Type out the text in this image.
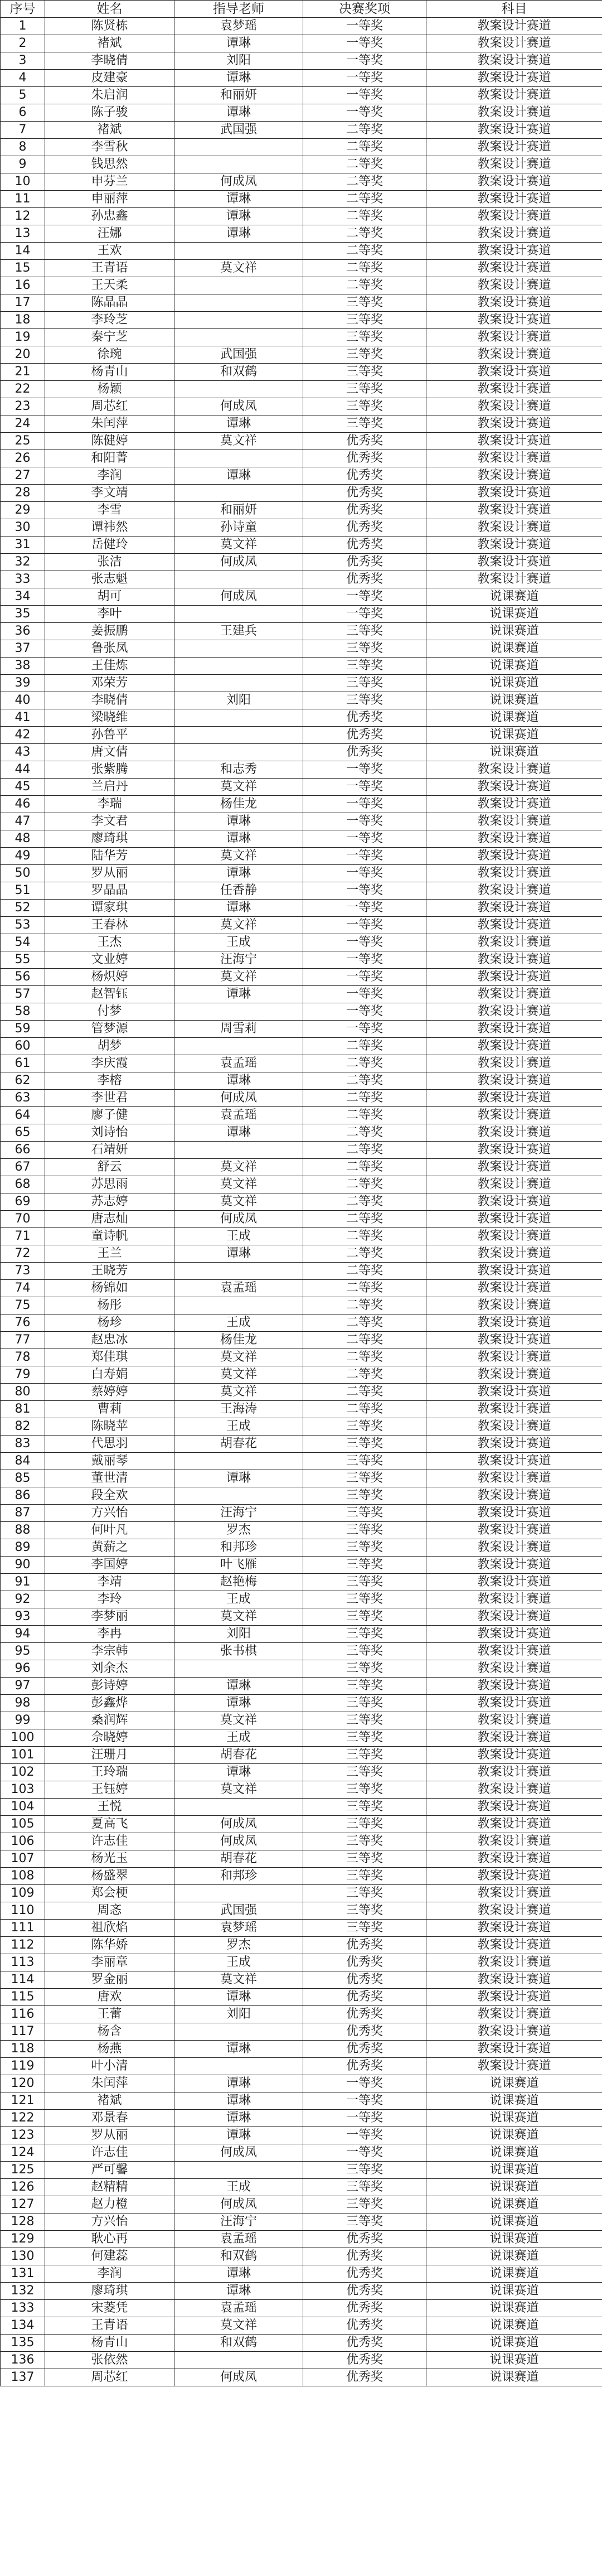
序号	姓名	指导老师	决赛奖项	科目
1	陈贤栋	袁梦瑶	一等奖	教案设计赛道
2	褚斌	谭琳	一等奖	教案设计赛道
3	李晓倩	刘阳	一等奖	教案设计赛道
4	皮建豪	谭琳	一等奖	教案设计赛道
5	朱启润	和丽妍	一等奖	教案设计赛道
6	陈子骏	谭琳	一等奖	教案设计赛道
7	褚斌	武国强	二等奖	教案设计赛道
8	李雪秋		二等奖	教案设计赛道
9	钱思然		二等奖	教案设计赛道
10	申芬兰	何成凤	二等奖	教案设计赛道
11	申丽萍	谭琳	二等奖	教案设计赛道
12	孙忠鑫	谭琳	二等奖	教案设计赛道
13	汪娜	谭琳	二等奖	教案设计赛道
14	王欢		二等奖	教案设计赛道
15	王青语	莫文祥	二等奖	教案设计赛道
16	王天柔		二等奖	教案设计赛道
17	陈晶晶		三等奖	教案设计赛道
18	李玲芝		三等奖	教案设计赛道
19	秦宁芝		三等奖	教案设计赛道
20	徐琬	武国强	三等奖	教案设计赛道
21	杨青山	和双鹤	三等奖	教案设计赛道
22	杨颖		三等奖	教案设计赛道
23	周芯红	何成凤	三等奖	教案设计赛道
24	朱闰萍	谭琳	三等奖	教案设计赛道
25	陈健婷	莫文祥	优秀奖	教案设计赛道
26	和阳菁		优秀奖	教案设计赛道
27	李润	谭琳	优秀奖	教案设计赛道
28	李文靖		优秀奖	教案设计赛道
29	李雪	和丽妍	优秀奖	教案设计赛道
30	谭祎然	孙诗童	优秀奖	教案设计赛道
31	岳健玲	莫文祥	优秀奖	教案设计赛道
32	张洁	何成凤	优秀奖	教案设计赛道
33	张志魁		优秀奖	教案设计赛道
34	胡可	何成凤	一等奖	说课赛道
35	李叶		一等奖	说课赛道
36	姜振鹏	王建兵	三等奖	说课赛道
37	鲁张凤		三等奖	说课赛道
38	王佳炼		三等奖	说课赛道
39	邓荣芳		三等奖	说课赛道
40	李晓倩	刘阳	三等奖	说课赛道
41	梁晓维		优秀奖	说课赛道
42	孙鲁平		优秀奖	说课赛道
43	唐文倩		优秀奖	说课赛道
44	张紫腾	和志秀	一等奖	教案设计赛道
45	兰启丹	莫文祥	一等奖	教案设计赛道
46	李瑞	杨佳龙	一等奖	教案设计赛道
47	李文君	谭琳	一等奖	教案设计赛道
48	廖琦琪	谭琳	一等奖	教案设计赛道
49	陆华芳	莫文祥	一等奖	教案设计赛道
50	罗从丽	谭琳	一等奖	教案设计赛道
51	罗晶晶	任香静	一等奖	教案设计赛道
52	谭家琪	谭琳	一等奖	教案设计赛道
53	王春林	莫文祥	一等奖	教案设计赛道
54	王杰	王成	一等奖	教案设计赛道
55	文业婷	汪海宁	一等奖	教案设计赛道
56	杨炽婷	莫文祥	一等奖	教案设计赛道
57	赵智钰	谭琳	一等奖	教案设计赛道
58	付梦		一等奖	教案设计赛道
59	管梦源	周雪莉	一等奖	教案设计赛道
60	胡梦		二等奖	教案设计赛道
61	李庆霞	袁孟瑶	二等奖	教案设计赛道
62	李榕	谭琳	二等奖	教案设计赛道
63	李世君	何成凤	二等奖	教案设计赛道
64	廖子健	袁孟瑶	二等奖	教案设计赛道
65	刘诗怡	谭琳	二等奖	教案设计赛道
66	石靖妍		二等奖	教案设计赛道
67	舒云	莫文祥	二等奖	教案设计赛道
68	苏思雨	莫文祥	二等奖	教案设计赛道
69	苏志婷	莫文祥	二等奖	教案设计赛道
70	唐志灿	何成凤	二等奖	教案设计赛道
71	童诗帆	王成	二等奖	教案设计赛道
72	王兰	谭琳	二等奖	教案设计赛道
73	王晓芳		二等奖	教案设计赛道
74	杨锦如	袁孟瑶	二等奖	教案设计赛道
75	杨彤		二等奖	教案设计赛道
76	杨珍	王成	二等奖	教案设计赛道
77	赵忠冰	杨佳龙	二等奖	教案设计赛道
78	郑佳琪	莫文祥	二等奖	教案设计赛道
79	白寿娟	莫文祥	二等奖	教案设计赛道
80	蔡婷婷	莫文祥	二等奖	教案设计赛道
81	曹莉	王海涛	二等奖	教案设计赛道
82	陈晓苹	王成	三等奖	教案设计赛道
83	代思羽	胡春花	三等奖	教案设计赛道
84	戴丽琴		三等奖	教案设计赛道
85	董世清	谭琳	三等奖	教案设计赛道
86	段全欢		三等奖	教案设计赛道
87	方兴怡	汪海宁	三等奖	教案设计赛道
88	何叶凡	罗杰	三等奖	教案设计赛道
89	黄薪之	和邦珍	三等奖	教案设计赛道
90	李国婷	叶飞雁	三等奖	教案设计赛道
91	李靖	赵艳梅	三等奖	教案设计赛道
92	李玲	王成	三等奖	教案设计赛道
93	李梦丽	莫文祥	三等奖	教案设计赛道
94	李冉	刘阳	三等奖	教案设计赛道
95	李宗韩	张书棋	三等奖	教案设计赛道
96	刘余杰		三等奖	教案设计赛道
97	彭诗婷	谭琳	三等奖	教案设计赛道
98	彭鑫烨	谭琳	三等奖	教案设计赛道
99	桑润辉	莫文祥	三等奖	教案设计赛道
100	佘晓婷	王成	三等奖	教案设计赛道
101	汪珊月	胡春花	三等奖	教案设计赛道
102	王玲瑞	谭琳	三等奖	教案设计赛道
103	王钰婷	莫文祥	三等奖	教案设计赛道
104	王悦		三等奖	教案设计赛道
105	夏高飞	何成凤	三等奖	教案设计赛道
106	许志佳	何成凤	三等奖	教案设计赛道
107	杨光玉	胡春花	三等奖	教案设计赛道
108	杨盛翠	和邦珍	三等奖	教案设计赛道
109	郑会梗		三等奖	教案设计赛道
110	周忞	武国强	三等奖	教案设计赛道
111	祖欣焰	袁梦瑶	三等奖	教案设计赛道
112	陈华娇	罗杰	优秀奖	教案设计赛道
113	李丽章	王成	优秀奖	教案设计赛道
114	罗金丽	莫文祥	优秀奖	教案设计赛道
115	唐欢	谭琳	优秀奖	教案设计赛道
116	王蕾	刘阳	优秀奖	教案设计赛道
117	杨含		优秀奖	教案设计赛道
118	杨燕	谭琳	优秀奖	教案设计赛道
119	叶小清		优秀奖	教案设计赛道
120	朱闰萍	谭琳	一等奖	说课赛道
121	褚斌	谭琳	一等奖	说课赛道
122	邓景春	谭琳	一等奖	说课赛道
123	罗从丽	谭琳	一等奖	说课赛道
124	许志佳	何成凤	一等奖	说课赛道
125	严可馨		三等奖	说课赛道
126	赵精精	王成	三等奖	说课赛道
127	赵力橙	何成凤	三等奖	说课赛道
128	方兴怡	汪海宁	三等奖	说课赛道
129	耿心再	袁孟瑶	优秀奖	说课赛道
130	何建蕊	和双鹤	优秀奖	说课赛道
131	李润	谭琳	优秀奖	说课赛道
132	廖琦琪	谭琳	优秀奖	说课赛道
133	宋菱凭	袁孟瑶	优秀奖	说课赛道
134	王青语	莫文祥	优秀奖	说课赛道
135	杨青山	和双鹤	优秀奖	说课赛道
136	张依然		优秀奖	说课赛道
137	周芯红	何成凤	优秀奖	说课赛道
